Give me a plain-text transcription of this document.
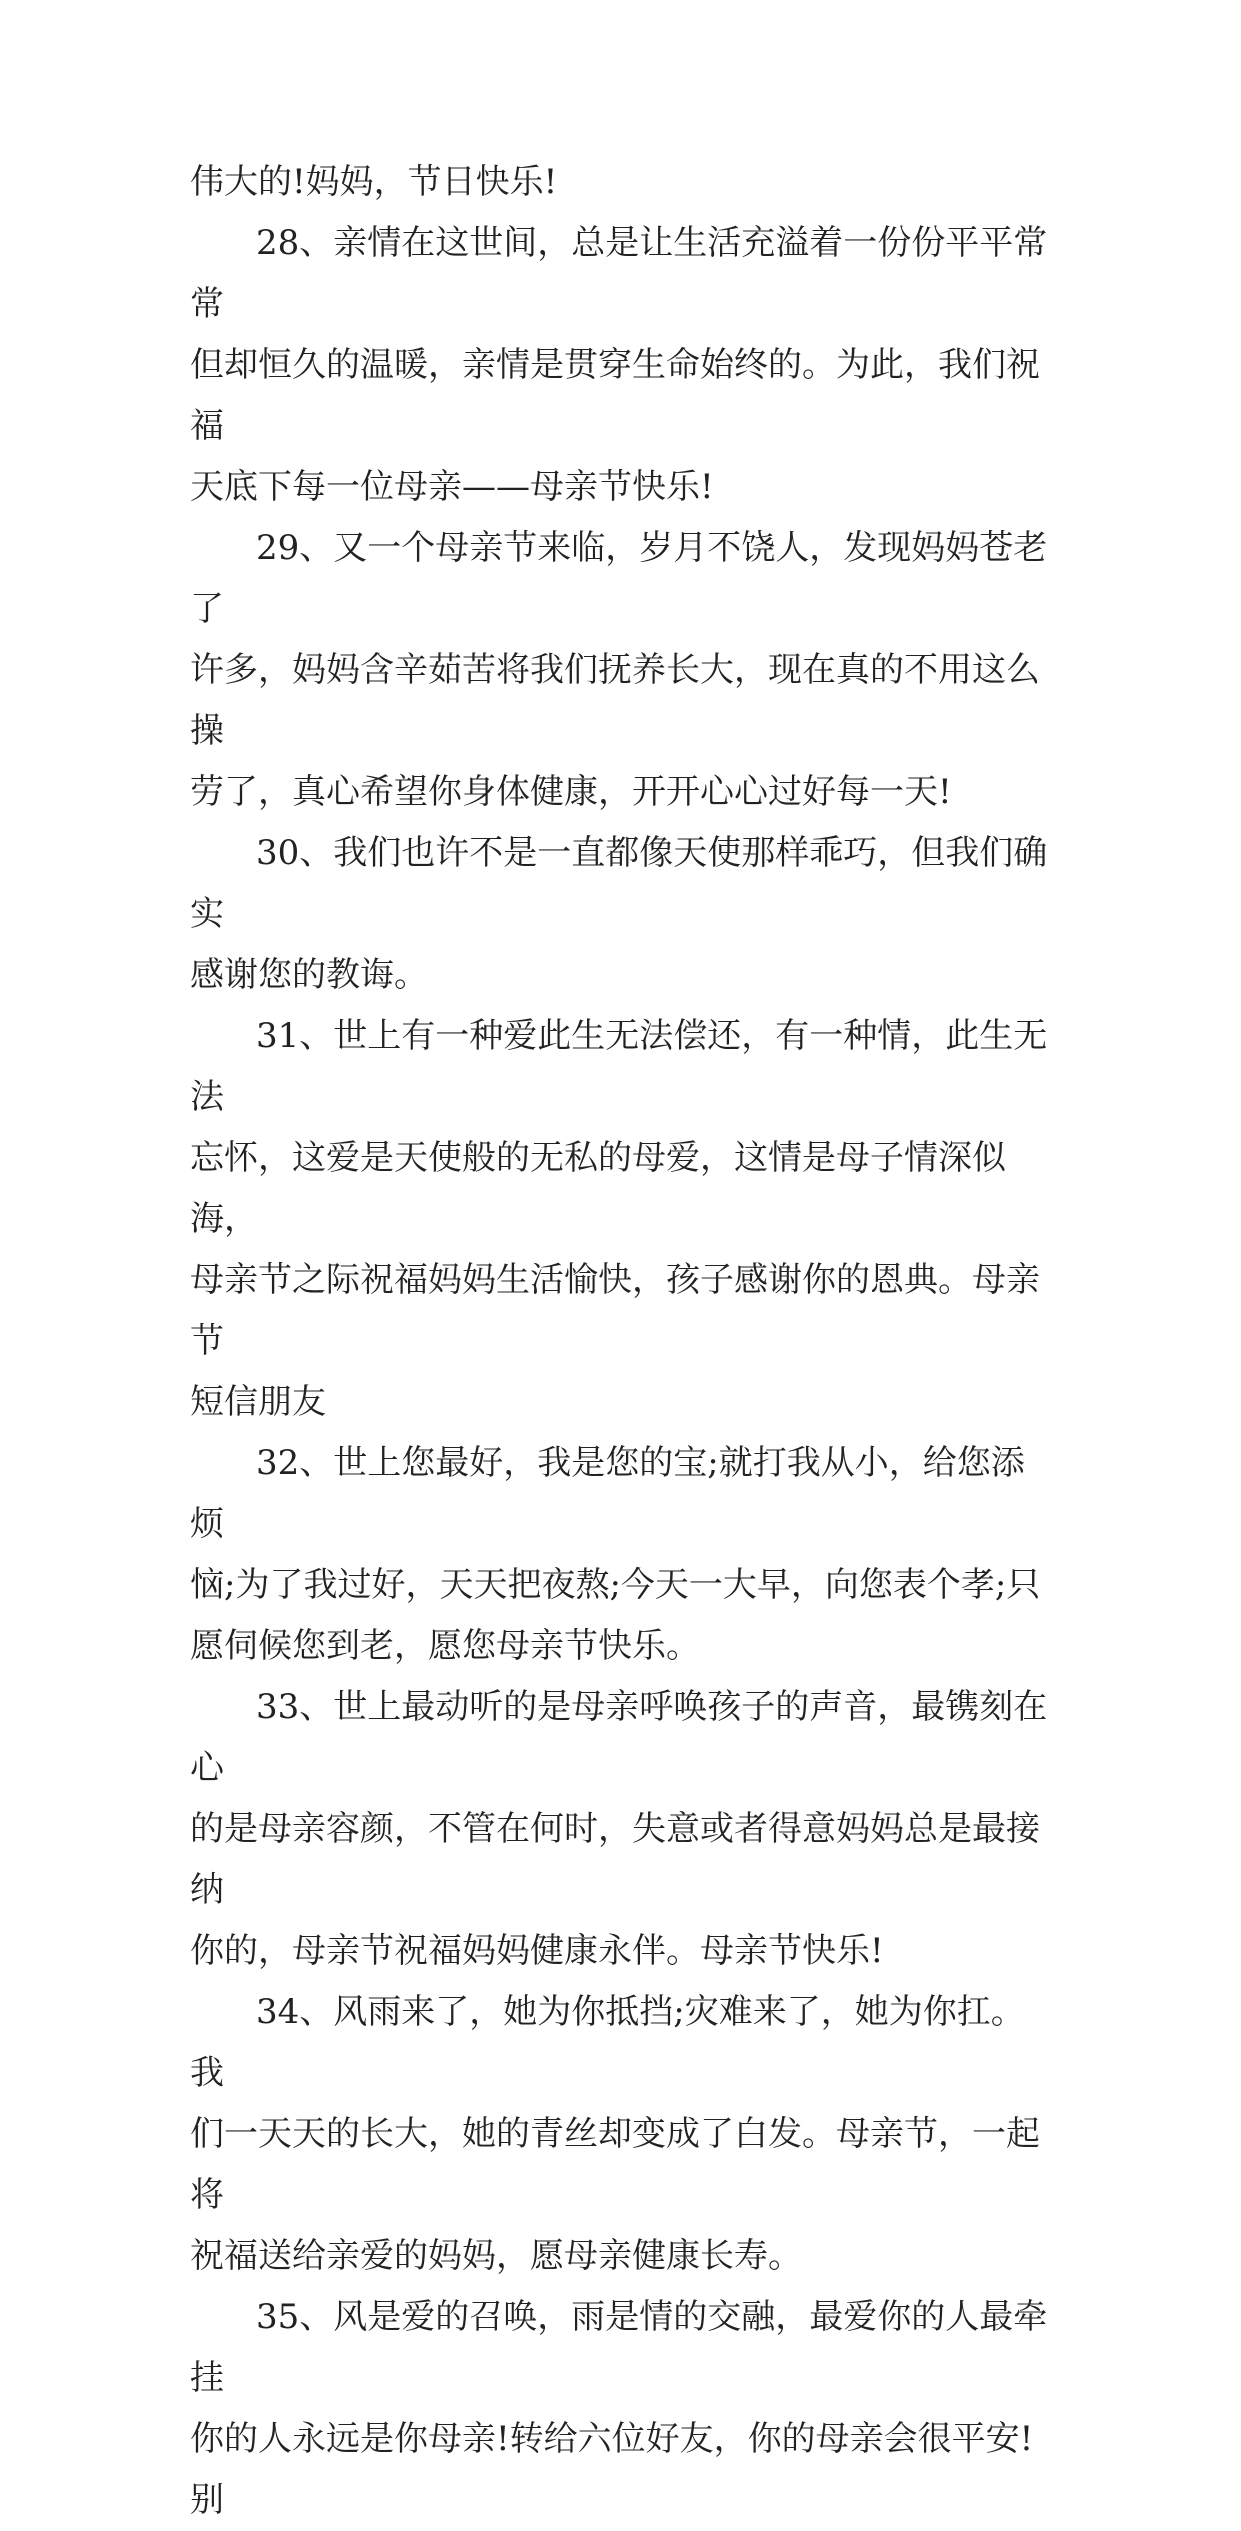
伟大的!妈妈，节日快乐!

28、亲情在这世间，总是让生活充溢着一份份平平常常
但却恒久的温暖，亲情是贯穿生命始终的。为此，我们祝福
天底下每一位母亲——母亲节快乐!

29、又一个母亲节来临，岁月不饶人，发现妈妈苍老了
许多，妈妈含辛茹苦将我们抚养长大，现在真的不用这么操
劳了，真心希望你身体健康，开开心心过好每一天!

30、我们也许不是一直都像天使那样乖巧，但我们确实
感谢您的教诲。

31、世上有一种爱此生无法偿还，有一种情，此生无法
忘怀，这爱是天使般的无私的母爱，这情是母子情深似海，
母亲节之际祝福妈妈生活愉快，孩子感谢你的恩典。母亲节
短信朋友

32、世上您最好，我是您的宝;就打我从小，给您添烦
恼;为了我过好，天天把夜熬;今天一大早，向您表个孝;只
愿伺候您到老，愿您母亲节快乐。

33、世上最动听的是母亲呼唤孩子的声音，最镌刻在心
的是母亲容颜，不管在何时，失意或者得意妈妈总是最接纳
你的，母亲节祝福妈妈健康永伴。母亲节快乐!

34、风雨来了，她为你抵挡;灾难来了，她为你扛。我
们一天天的长大，她的青丝却变成了白发。母亲节，一起将
祝福送给亲爱的妈妈，愿母亲健康长寿。

35、风是爱的召唤，雨是情的交融，最爱你的人最牵挂
你的人永远是你母亲!转给六位好友，你的母亲会很平安!别
